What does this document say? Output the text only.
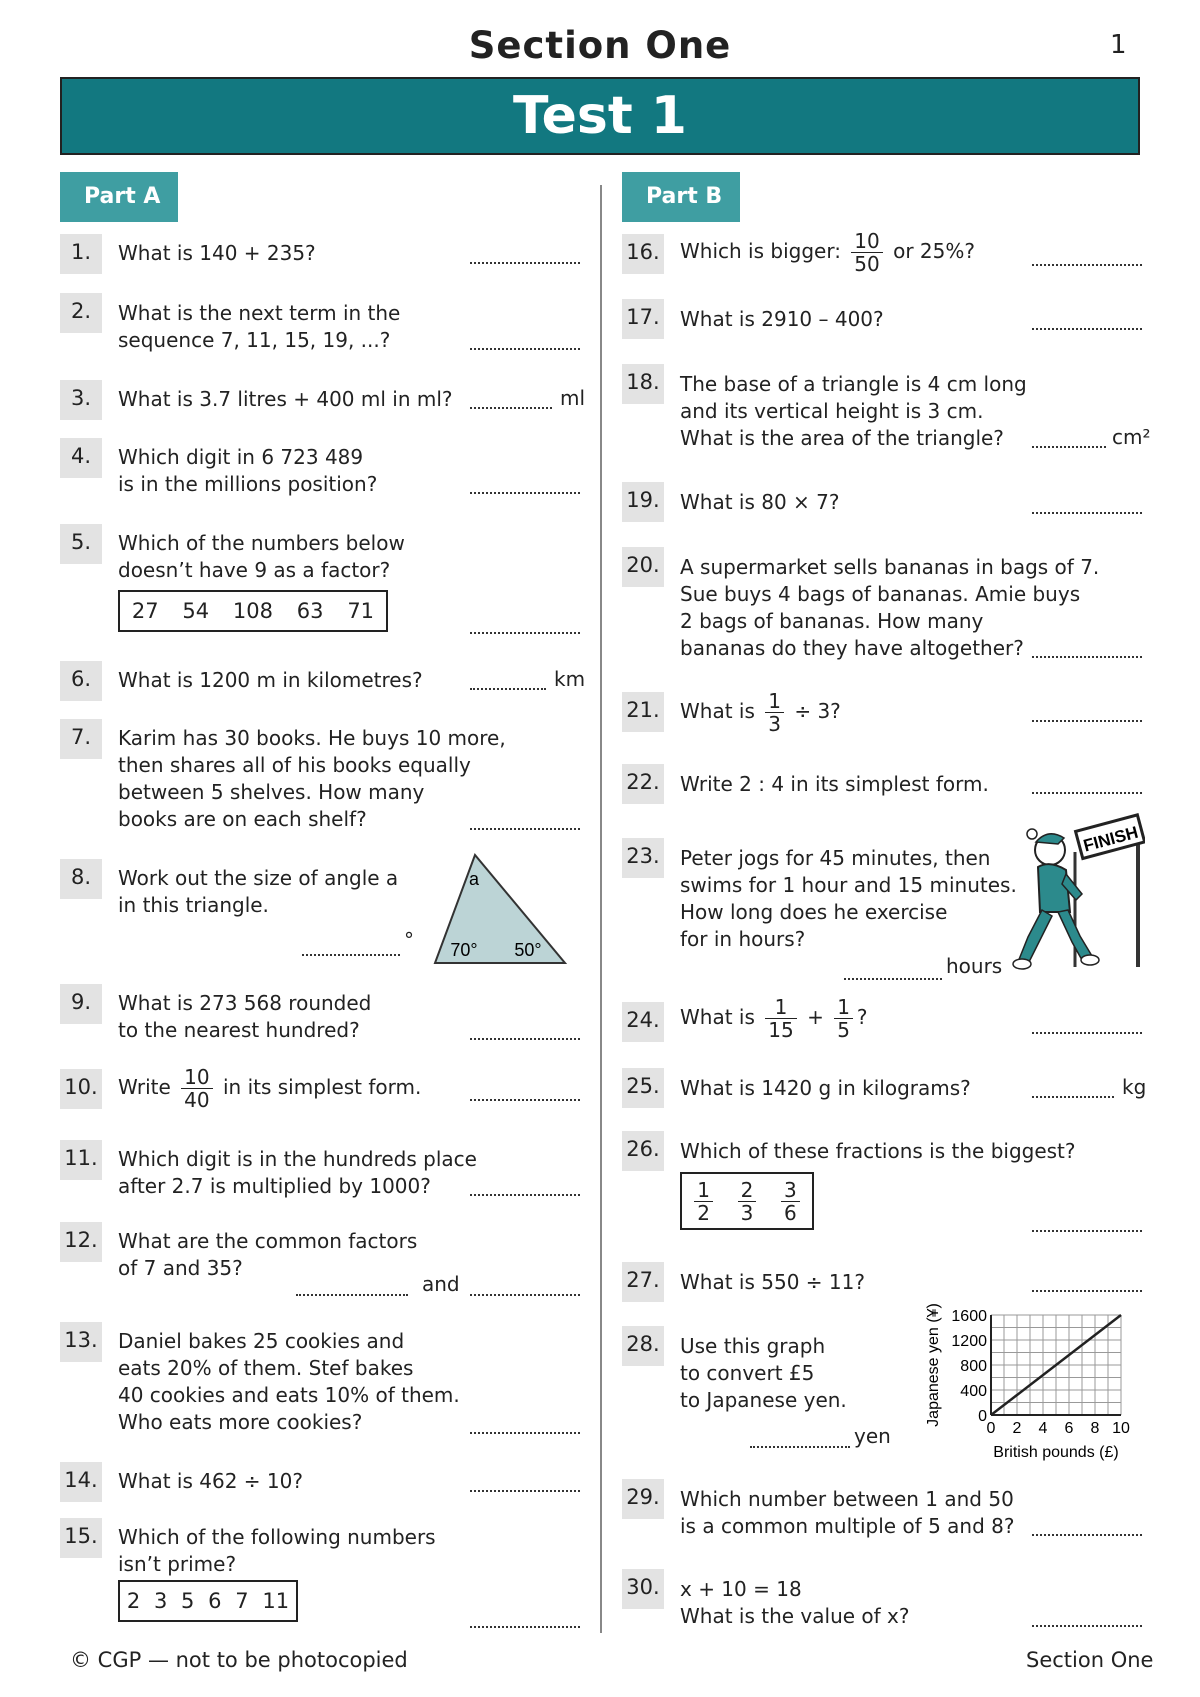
Section One	1
Test 1
Part A	Part B
1.	What is 140 + 235?
2.	What is the next term in the
sequence 7, 11, 15, 19, ...?
3.	What is 3.7 litres + 400 ml in ml?	ml
4.	Which digit in 6 723 489
is in the millions position?
5.	Which of the numbers below
doesn’t have 9 as a factor?
27 54 108 63 71
6.	What is 1200 m in kilometres?	km
7.	Karim has 30 books. He buys 10 more,
then shares all of his books equally
between 5 shelves. How many
books are on each shelf?
8.	Work out the size of angle a
in this triangle.
°
a
70° 50°
9.	What is 273 568 rounded
to the nearest hundred?
10. Write $\frac{10}{40}$ in its simplest form.
11. Which digit is in the hundreds place
after 2.7 is multiplied by 1000?
12. What are the common factors
of 7 and 35?
and
13. Daniel bakes 25 cookies and
eats 20% of them. Stef bakes
40 cookies and eats 10% of them.
Who eats more cookies?
14. What is 462 ÷ 10?
15. Which of the following numbers
isn’t prime?
2 3 5 6 7 11
16. Which is bigger: $\frac{10}{50}$ or 25%?
17. What is 2910 – 400?
18. The base of a triangle is 4 cm long
and its vertical height is 3 cm.
What is the area of the triangle?	cm²
19. What is 80 × 7?
20. A supermarket sells bananas in bags of 7.
Sue buys 4 bags of bananas. Amie buys
2 bags of bananas. How many
bananas do they have altogether?
21. What is $\frac{1}{3} \div 3$?
22. Write 2 : 4 in its simplest form.
23. Peter jogs for 45 minutes, then
swims for 1 hour and 15 minutes.
How long does he exercise
for in hours?
hours
FINISH
24. What is $\frac{1}{15} + \frac{1}{5}$ ?
25. What is 1420 g in kilograms?	kg
26. Which of these fractions is the biggest?
$\frac{1}{2} \frac{2}{3} \frac{3}{6}$
27. What is 550 ÷ 11?
28. Use this graph
to convert £5
to Japanese yen.
yen
0
400
800
1200
1600
0 2 4 6 8 10
Japanese yen (¥)
British pounds (£)
29. Which number between 1 and 50
is a common multiple of 5 and 8?
30. x + 10 = 18
What is the value of x?
© CGP — not to be photocopied	Section One
